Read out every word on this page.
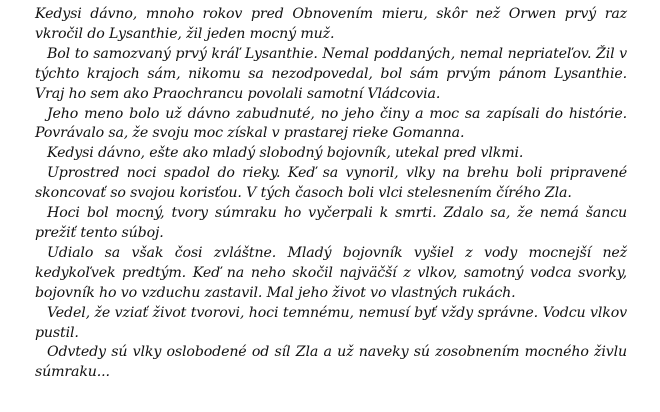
Kedysi dávno, mnoho rokov pred Obnovením mieru, skôr než Orwen prvý raz vkročil do Lysanthie, žil jeden mocný muž.

Bol to samozvaný prvý kráľ Lysanthie. Nemal poddaných, nemal nepriateľov. Žil v týchto krajoch sám, nikomu sa nezodpovedal, bol sám prvým pánom Lysanthie. Vraj ho sem ako Praochrancu povolali samotní Vládcovia.

Jeho meno bolo už dávno zabudnuté, no jeho činy a moc sa zapísali do histórie. Povrávalo sa, že svoju moc získal v prastarej rieke Gomanna.

Kedysi dávno, ešte ako mladý slobodný bojovník, utekal pred vlkmi.

Uprostred noci spadol do rieky. Keď sa vynoril, vlky na brehu boli pripravené skoncovať so svojou korisťou. V tých časoch boli vlci stelesnením čírého Zla.

Hoci bol mocný, tvory súmraku ho vyčerpali k smrti. Zdalo sa, že nemá šancu prežiť tento súboj.

Udialo sa však čosi zvláštne. Mladý bojovník vyšiel z vody mocnejší než kedykoľvek predtým. Keď na neho skočil najväčší z vlkov, samotný vodca svorky, bojovník ho vo vzduchu zastavil. Mal jeho život vo vlastných rukách.

Vedel, že vziať život tvorovi, hoci temnému, nemusí byť vždy správne. Vodcu vlkov pustil.

Odvtedy sú vlky oslobodené od síl Zla a už naveky sú zosobnením mocného živlu súmraku...
